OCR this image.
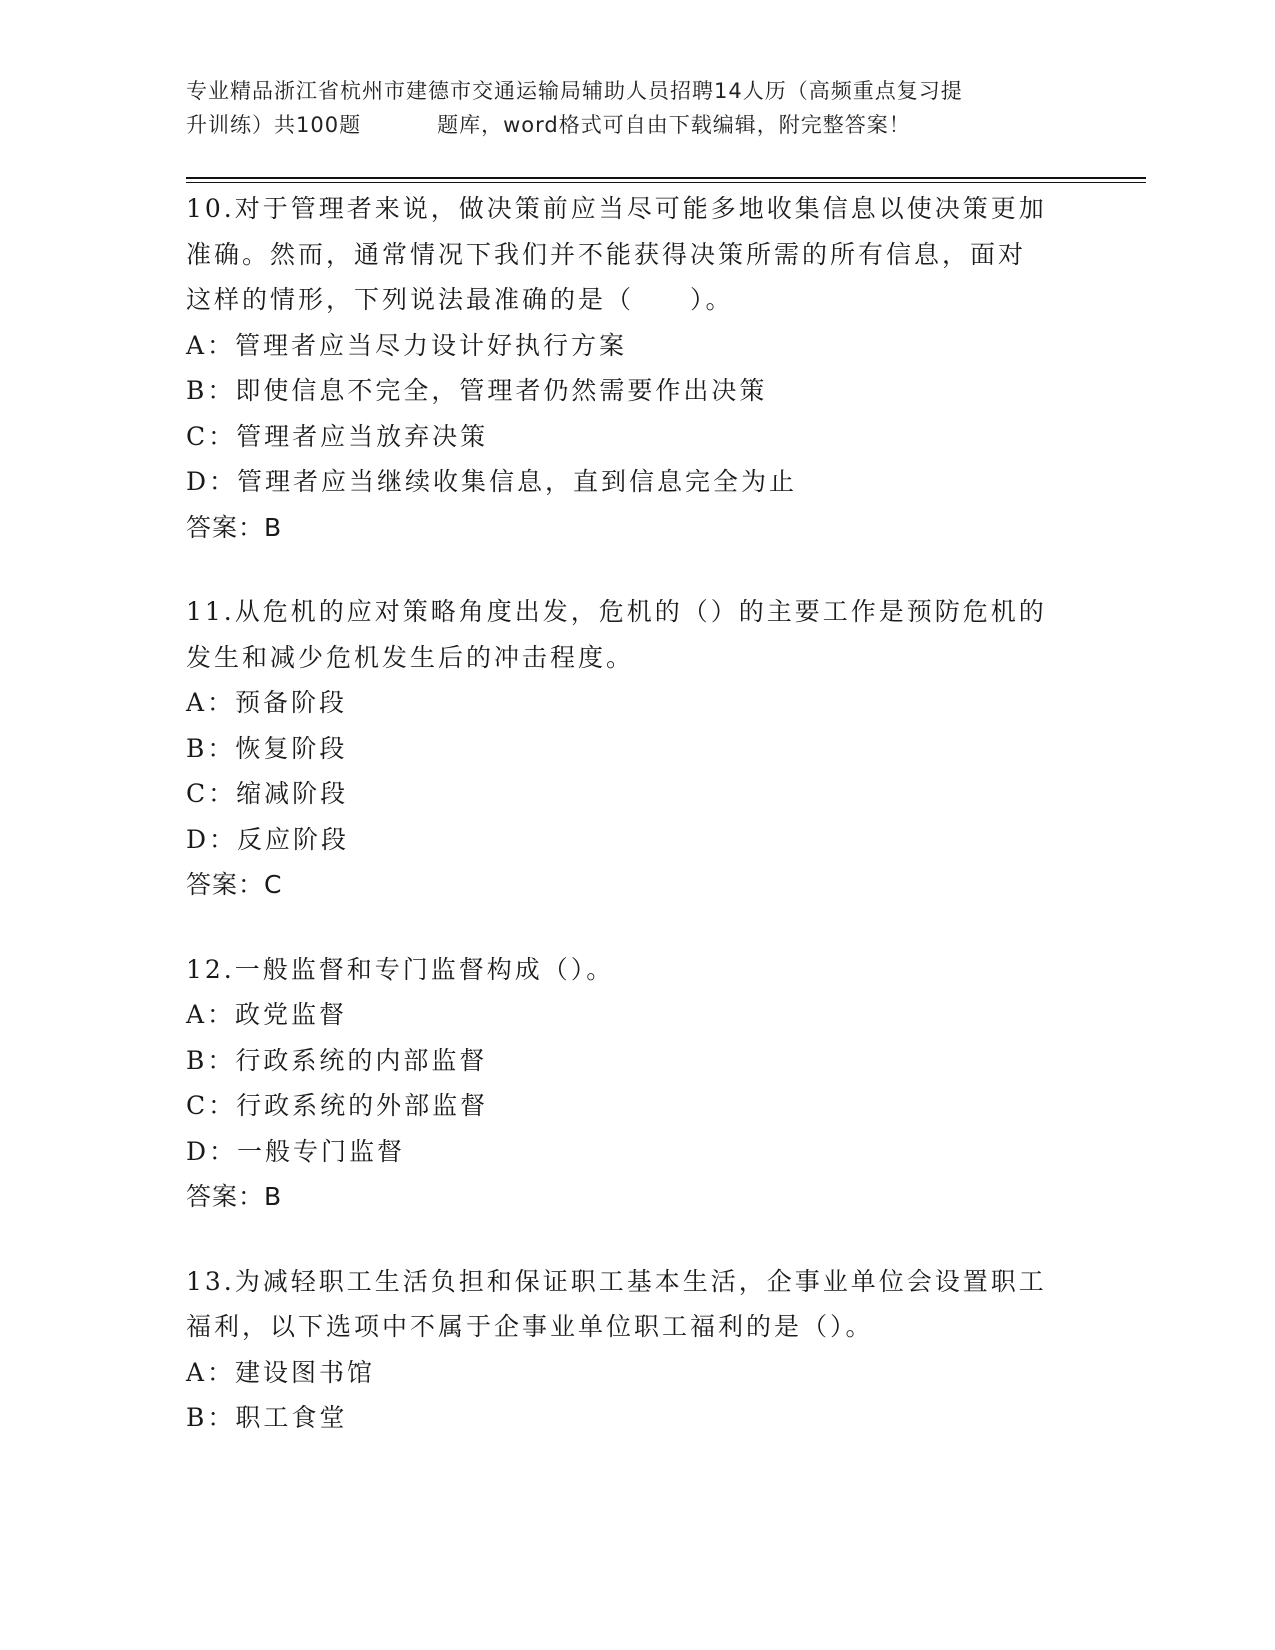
专业精品浙江省杭州市建德市交通运输局辅助人员招聘14人历（高频重点复习提
升训练）共100题	题库，word格式可自由下载编辑，附完整答案！
10.对于管理者来说，做决策前应当尽可能多地收集信息以使决策更加
准确。然而，通常情况下我们并不能获得决策所需的所有信息，面对
这样的情形，下列说法最准确的是（　　）。
A：管理者应当尽力设计好执行方案
B：即使信息不完全，管理者仍然需要作出决策
C：管理者应当放弃决策
D：管理者应当继续收集信息，直到信息完全为止
答案：B
11.从危机的应对策略角度出发，危机的（）的主要工作是预防危机的
发生和减少危机发生后的冲击程度。
A：预备阶段
B：恢复阶段
C：缩减阶段
D：反应阶段
答案：C
12.一般监督和专门监督构成（）。
A：政党监督
B：行政系统的内部监督
C：行政系统的外部监督
D：一般专门监督
答案：B
13.为减轻职工生活负担和保证职工基本生活，企事业单位会设置职工
福利，以下选项中不属于企事业单位职工福利的是（）。
A：建设图书馆
B：职工食堂
